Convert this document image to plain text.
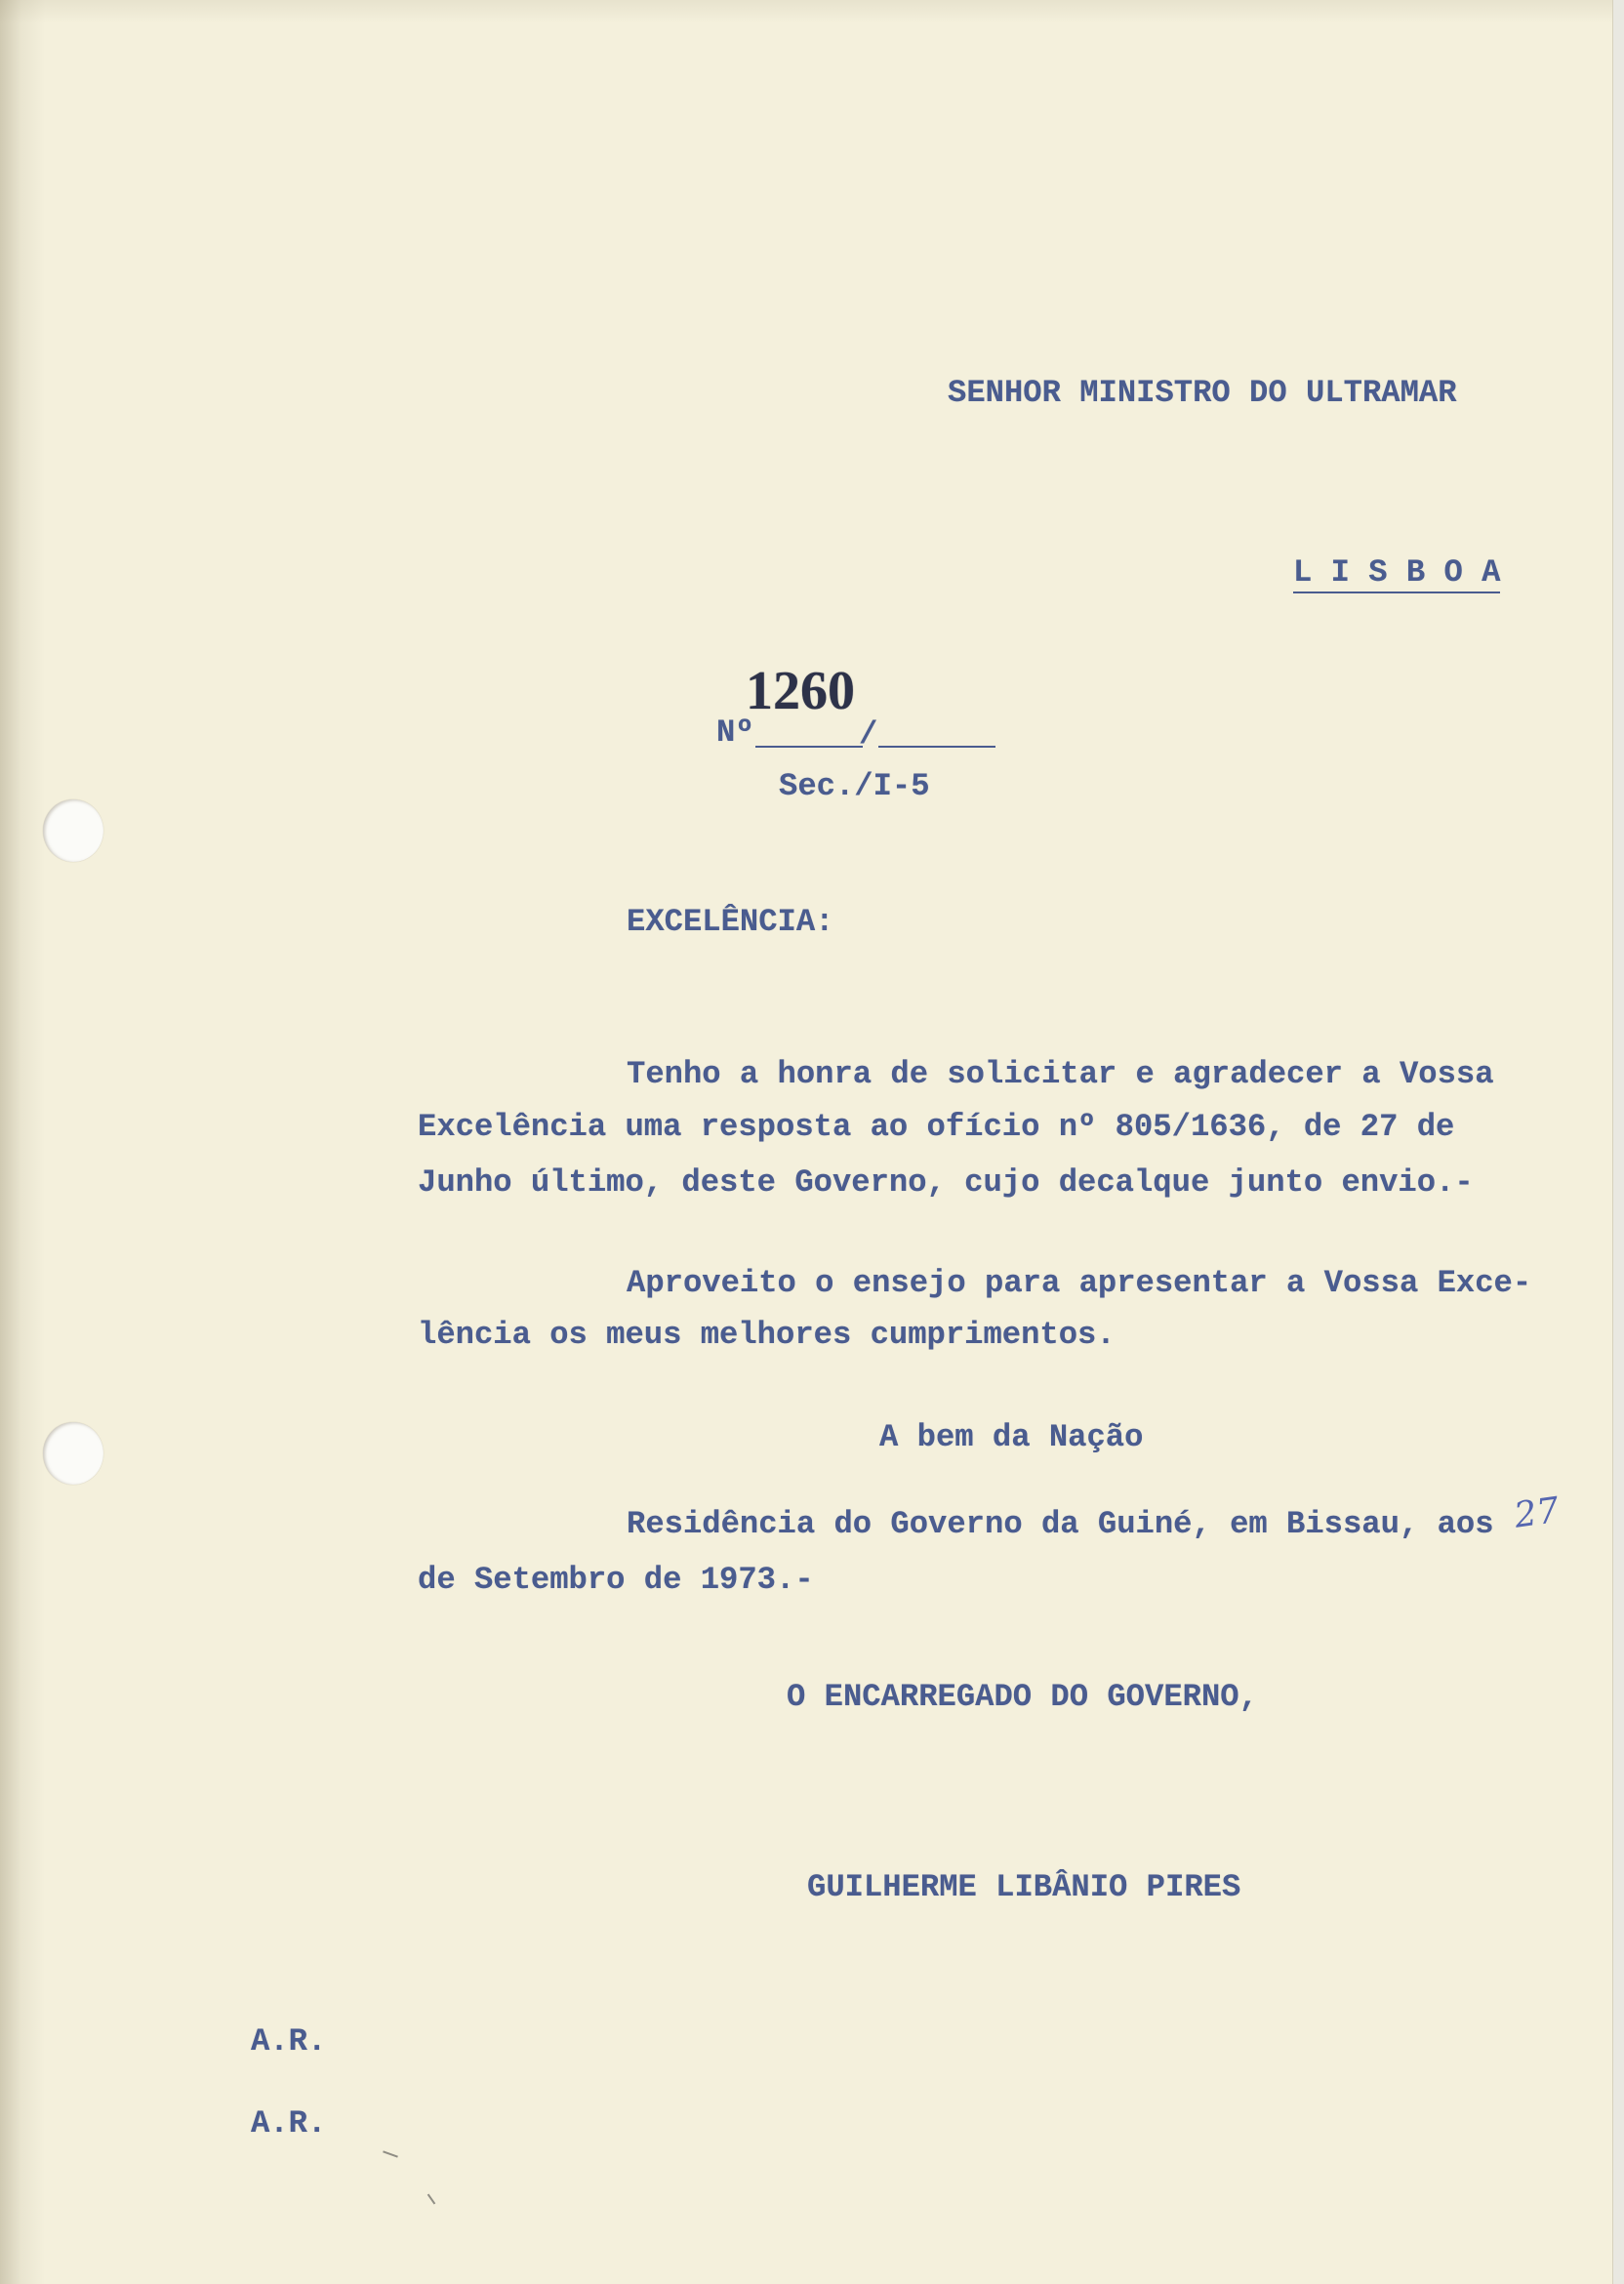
SENHOR MINISTRO DO ULTRAMAR
L I S B O A
1260
Nº	/
Sec./I-5
EXCELÊNCIA:
Tenho a honra de solicitar e agradecer a Vossa
Excelência uma resposta ao ofício nº 805/1636, de 27 de
Junho último, deste Governo, cujo decalque junto envio.-
Aproveito o ensejo para apresentar a Vossa Exce-
lência os meus melhores cumprimentos.
A bem da Nação
Residência do Governo da Guiné, em Bissau, aos 27
de Setembro de 1973.-
O ENCARREGADO DO GOVERNO,
GUILHERME LIBÂNIO PIRES
A.R.
A.R.
